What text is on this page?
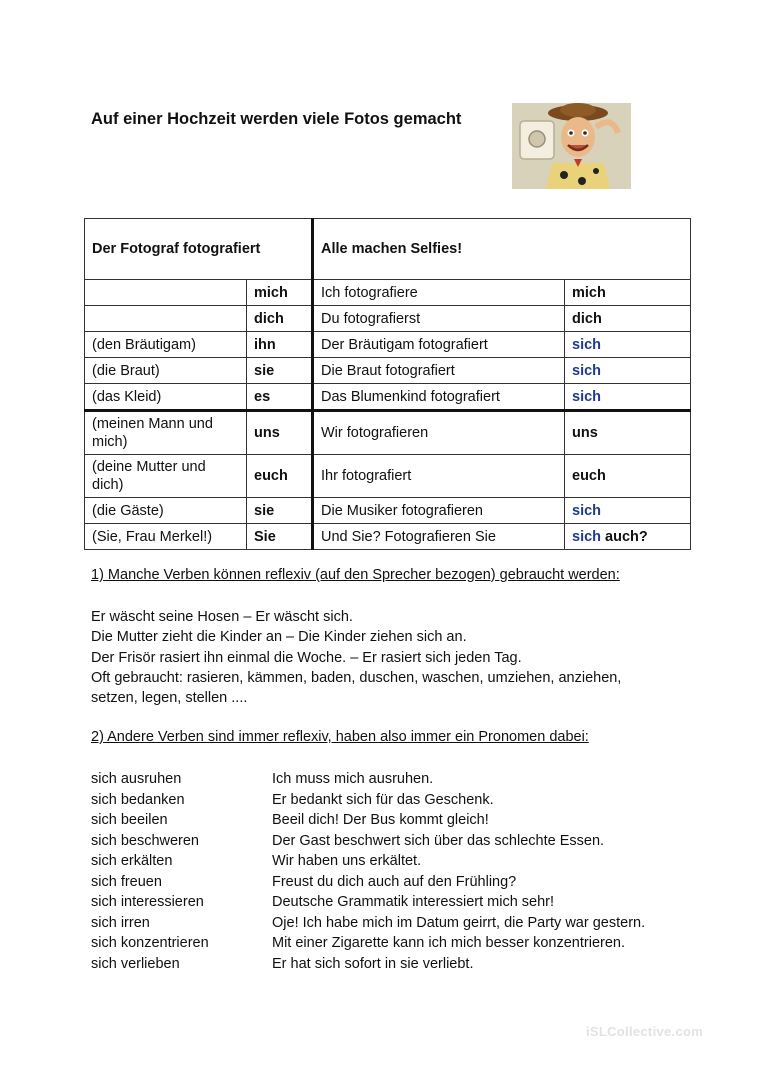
Auf einer Hochzeit werden viele Fotos gemacht
Der Fotograf fotografiert		Alle machen Selfies!	
	mich	Ich fotografiere	mich
	dich	Du fotografierst	dich
(den Bräutigam)	ihn	Der Bräutigam fotografiert	sich
(die Braut)	sie	Die Braut fotografiert	sich
(das Kleid)	es	Das Blumenkind fotografiert	sich
(meinen Mann und mich)	uns	Wir fotografieren	uns
(deine Mutter und dich)	euch	Ihr fotografiert	euch
(die Gäste)	sie	Die Musiker fotografieren	sich
(Sie, Frau Merkel!)	Sie	Und Sie? Fotografieren Sie	sich auch?
1) Manche Verben können reflexiv (auf den Sprecher bezogen) gebraucht werden:
Er wäscht seine Hosen – Er wäscht sich.
Die Mutter zieht die Kinder an – Die Kinder ziehen sich an.
Der Frisör rasiert ihn einmal die Woche. – Er rasiert sich jeden Tag.
Oft gebraucht: rasieren, kämmen, baden, duschen, waschen, umziehen, anziehen,
setzen, legen, stellen ....
2) Andere Verben sind immer reflexiv, haben also immer ein Pronomen dabei:
sich ausruhen	Ich muss mich ausruhen.
sich bedanken	Er bedankt sich für das Geschenk.
sich beeilen	Beeil dich! Der Bus kommt gleich!
sich beschweren	Der Gast beschwert sich über das schlechte Essen.
sich erkälten	Wir haben uns erkältet.
sich freuen	Freust du dich auch auf den Frühling?
sich interessieren	Deutsche Grammatik interessiert mich sehr!
sich irren	Oje! Ich habe mich im Datum geirrt, die Party war gestern.
sich konzentrieren	Mit einer Zigarette kann ich mich besser konzentrieren.
sich verlieben	Er hat sich sofort in sie verliebt.
iSLCollective.com
